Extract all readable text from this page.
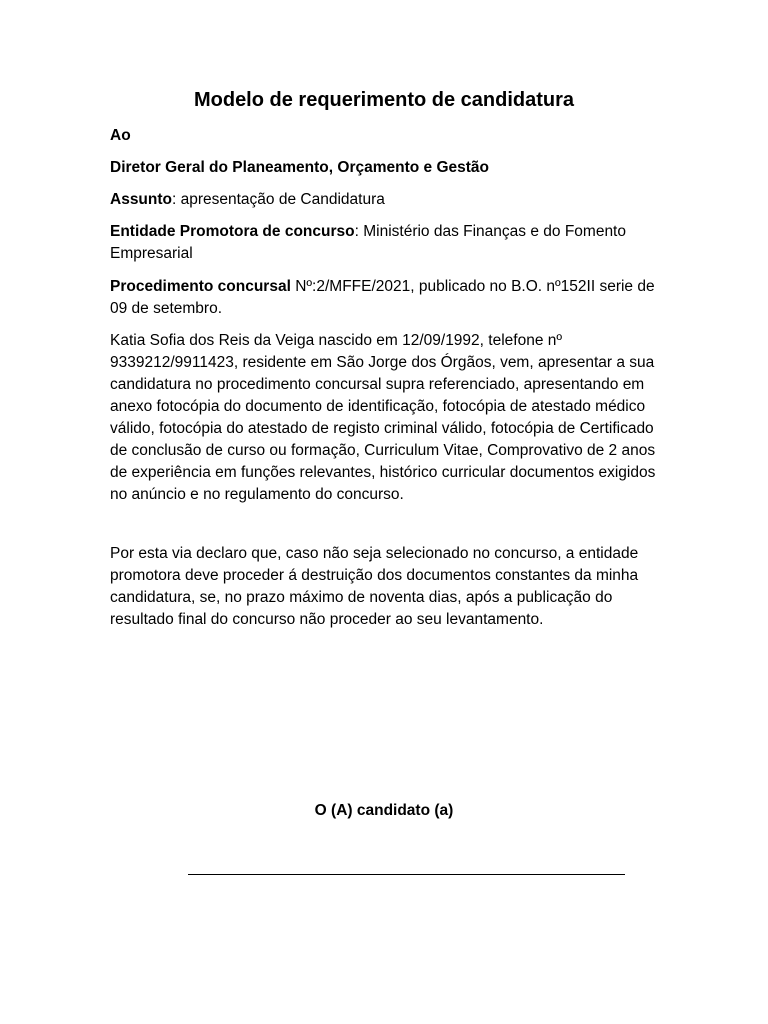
Modelo de requerimento de candidatura
Ao
Diretor Geral do Planeamento, Orçamento e Gestão
Assunto: apresentação de Candidatura
Entidade Promotora de concurso: Ministério das Finanças e do Fomento Empresarial
Procedimento concursal Nº:2/MFFE/2021, publicado no B.O. nº152II serie de 09 de setembro.
Katia Sofia dos Reis da Veiga nascido em 12/09/1992, telefone nº 9339212/9911423, residente em São Jorge dos Órgãos, vem, apresentar a sua candidatura no procedimento concursal supra referenciado, apresentando em anexo fotocópia do documento de identificação, fotocópia de atestado médico válido, fotocópia do atestado de registo criminal válido, fotocópia de Certificado de conclusão de curso ou formação, Curriculum Vitae, Comprovativo de 2 anos de experiência em funções relevantes, histórico curricular documentos exigidos no anúncio e no regulamento do concurso.
Por esta via declaro que, caso não seja selecionado no concurso, a entidade promotora deve proceder á destruição dos documentos constantes da minha candidatura, se, no prazo máximo de noventa dias, após a publicação do resultado final do concurso não proceder ao seu levantamento.
O (A) candidato (a)
